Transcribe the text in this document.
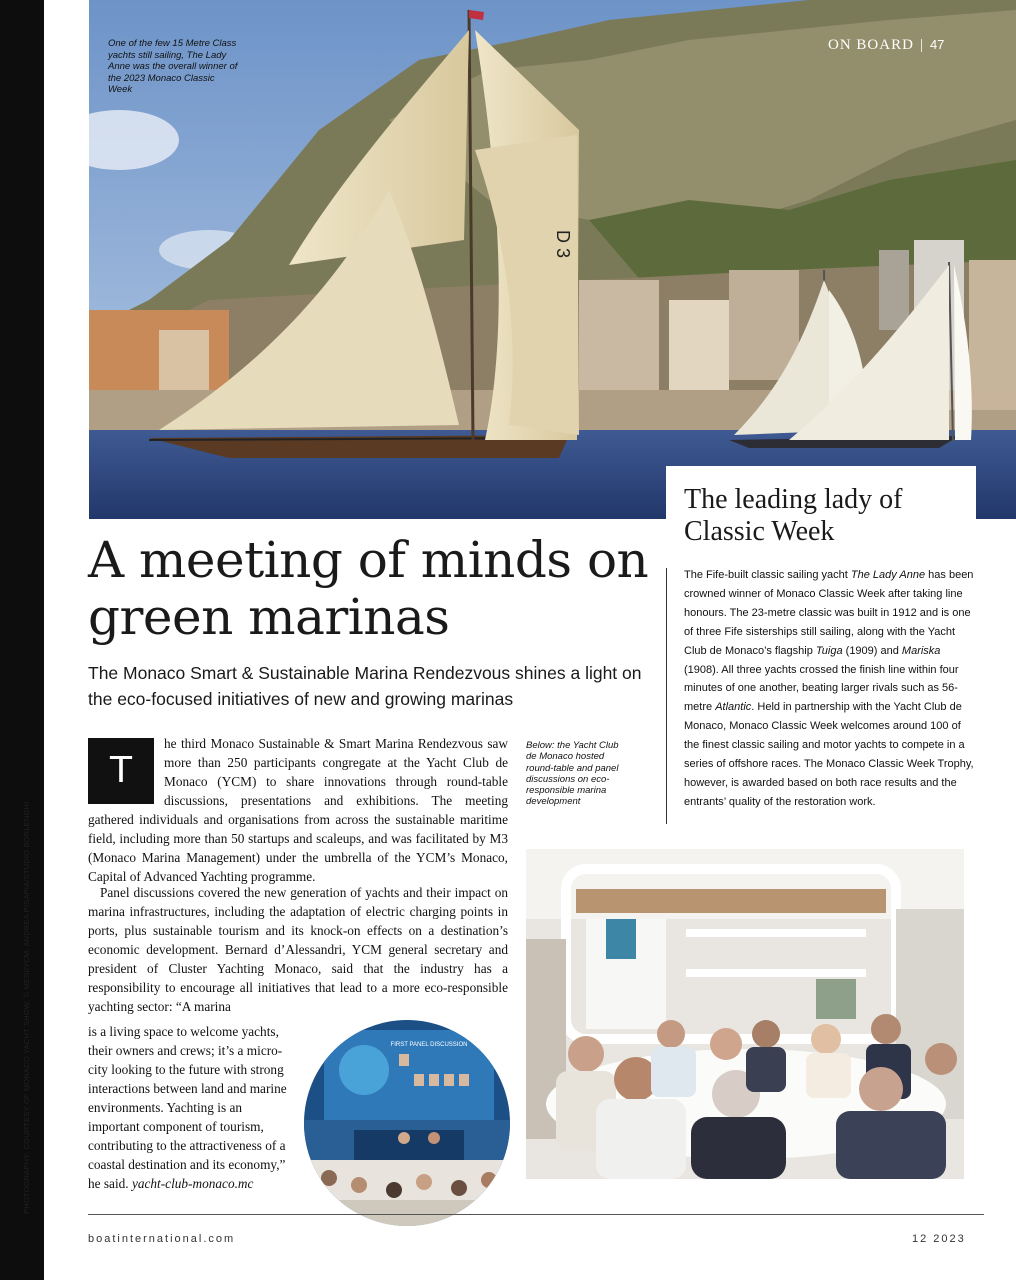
PHOTOGRAPHY: COURTESY OF MONACO YACHT SHOW; © MESI/YCM; ANDREA PISAPIA/STUDIO BORLENGHI
D 3
One of the few 15 Metre Class yachts still sailing, The Lady Anne was the overall winner of the 2023 Monaco Classic Week
ON BOARD | 47
The leading lady of Classic Week
The Fife-built classic sailing yacht The Lady Anne has been crowned winner of Monaco Classic Week after taking line honours. The 23-metre classic was built in 1912 and is one of three Fife sisterships still sailing, along with the Yacht Club de Monaco’s flagship Tuiga (1909) and Mariska (1908). All three yachts crossed the finish line within four minutes of one another, beating larger rivals such as 56-metre Atlantic. Held in partnership with the Yacht Club de Monaco, Monaco Classic Week welcomes around 100 of the finest classic sailing and motor yachts to compete in a series of offshore races. The Monaco Classic Week Trophy, however, is awarded based on both race results and the entrants’ quality of the restoration work.
A meeting of minds on green marinas
The Monaco Smart & Sustainable Marina Rendezvous shines a light on the eco-focused initiatives of new and growing marinas

he third Monaco Sustainable & Smart Marina Rendezvous saw more than 250 participants congregate at the Yacht Club de Monaco (YCM) to share innovations through round-table discussions, presentations and exhibitions. The meeting gathered individuals and organisations from across the sustainable maritime field, including more than 50 startups and scaleups, and was facilitated by M3 (Monaco Marina Management) under the umbrella of the YCM’s Monaco, Capital of Advanced Yachting programme.

T

Panel discussions covered the new generation of yachts and their impact on marina infrastructures, including the adaptation of electric charging points in ports, plus sustainable tourism and its knock-on effects on a destination’s economic development. Bernard d’Alessandri, YCM general secretary and president of Cluster Yachting Monaco, said that the industry has a responsibility to encourage all initiatives that lead to a more eco-responsible yachting sector: “A marina

is a living space to welcome yachts, their owners and crews; it’s a micro-city looking to the future with strong interactions between land and marine environments. Yachting is an important component of tourism, contributing to the attractiveness of a coastal destination and its economy,” he said. yacht-club-monaco.mc
Below: the Yacht Club de Monaco hosted round-table and panel discussions on eco-responsible marina development
FIRST PANEL DISCUSSION
boatinternational.com	12 2023
